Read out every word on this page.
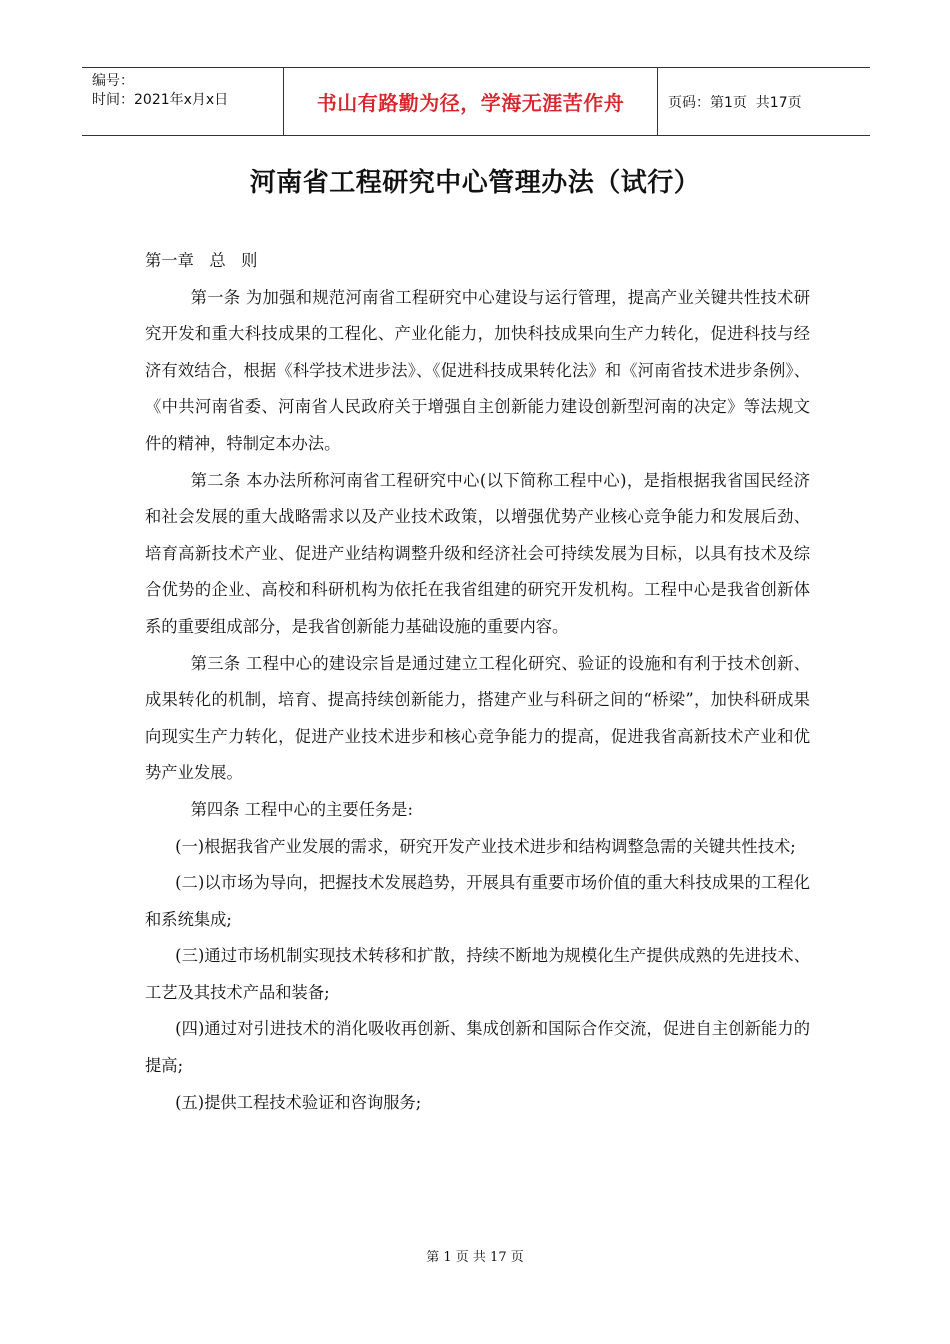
编号：
时间：2021年x月x日	书山有路勤为径，学海无涯苦作舟	页码：第1页  共17页
河南省工程研究中心管理办法（试行）

第一章   总   则

第一条 为加强和规范河南省工程研究中心建设与运行管理，提高产业关键共性技术研究开发和重大科技成果的工程化、产业化能力，加快科技成果向生产力转化，促进科技与经济有效结合，根据《科学技术进步法》、《促进科技成果转化法》和《河南省技术进步条例》、《中共河南省委、河南省人民政府关于增强自主创新能力建设创新型河南的决定》等法规文件的精神，特制定本办法。

第二条 本办法所称河南省工程研究中心(以下简称工程中心)，是指根据我省国民经济和社会发展的重大战略需求以及产业技术政策，以增强优势产业核心竞争能力和发展后劲、培育高新技术产业、促进产业结构调整升级和经济社会可持续发展为目标，以具有技术及综合优势的企业、高校和科研机构为依托在我省组建的研究开发机构。工程中心是我省创新体系的重要组成部分，是我省创新能力基础设施的重要内容。

第三条 工程中心的建设宗旨是通过建立工程化研究、验证的设施和有利于技术创新、成果转化的机制，培育、提高持续创新能力，搭建产业与科研之间的“桥梁”，加快科研成果向现实生产力转化，促进产业技术进步和核心竞争能力的提高，促进我省高新技术产业和优势产业发展。

第四条 工程中心的主要任务是:

(一)根据我省产业发展的需求，研究开发产业技术进步和结构调整急需的关键共性技术;

(二)以市场为导向，把握技术发展趋势，开展具有重要市场价值的重大科技成果的工程化和系统集成;

(三)通过市场机制实现技术转移和扩散，持续不断地为规模化生产提供成熟的先进技术、工艺及其技术产品和装备;

(四)通过对引进技术的消化吸收再创新、集成创新和国际合作交流，促进自主创新能力的提高;

(五)提供工程技术验证和咨询服务;

第 1 页 共 17 页
